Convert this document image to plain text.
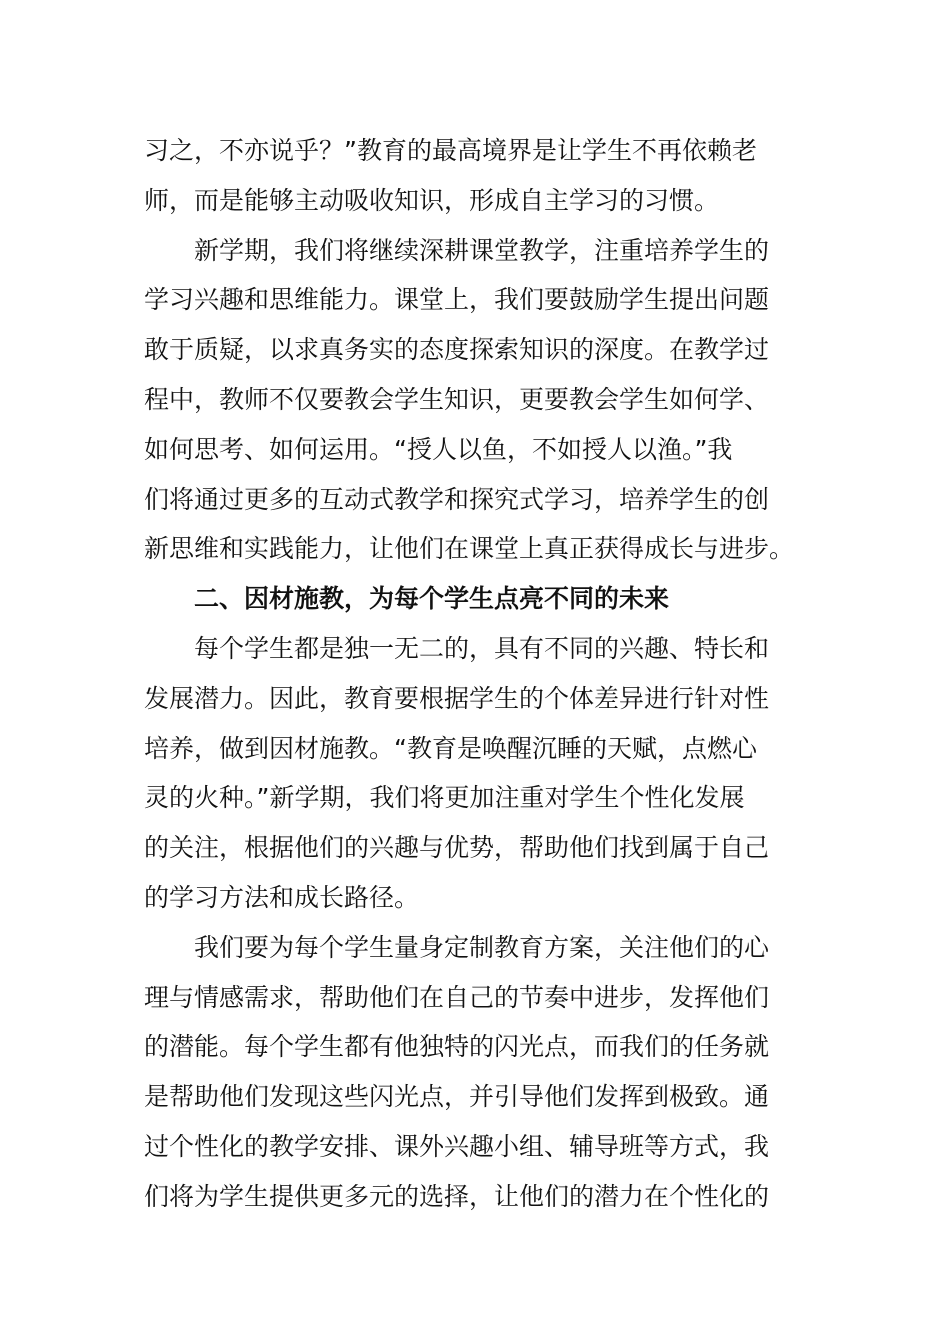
习之，不亦说乎？”教育的最高境界是让学生不再依赖老
师，而是能够主动吸收知识，形成自主学习的习惯。
新学期，我们将继续深耕课堂教学，注重培养学生的
学习兴趣和思维能力。课堂上，我们要鼓励学生提出问题
敢于质疑，以求真务实的态度探索知识的深度。在教学过
程中，教师不仅要教会学生知识，更要教会学生如何学、
如何思考、如何运用。“授人以鱼，不如授人以渔。”我
们将通过更多的互动式教学和探究式学习，培养学生的创
新思维和实践能力，让他们在课堂上真正获得成长与进步。
二、因材施教，为每个学生点亮不同的未来
每个学生都是独一无二的，具有不同的兴趣、特长和
发展潜力。因此，教育要根据学生的个体差异进行针对性
培养，做到因材施教。“教育是唤醒沉睡的天赋，点燃心
灵的火种。”新学期，我们将更加注重对学生个性化发展
的关注，根据他们的兴趣与优势，帮助他们找到属于自己
的学习方法和成长路径。
我们要为每个学生量身定制教育方案，关注他们的心
理与情感需求，帮助他们在自己的节奏中进步，发挥他们
的潜能。每个学生都有他独特的闪光点，而我们的任务就
是帮助他们发现这些闪光点，并引导他们发挥到极致。通
过个性化的教学安排、课外兴趣小组、辅导班等方式，我
们将为学生提供更多元的选择，让他们的潜力在个性化的
